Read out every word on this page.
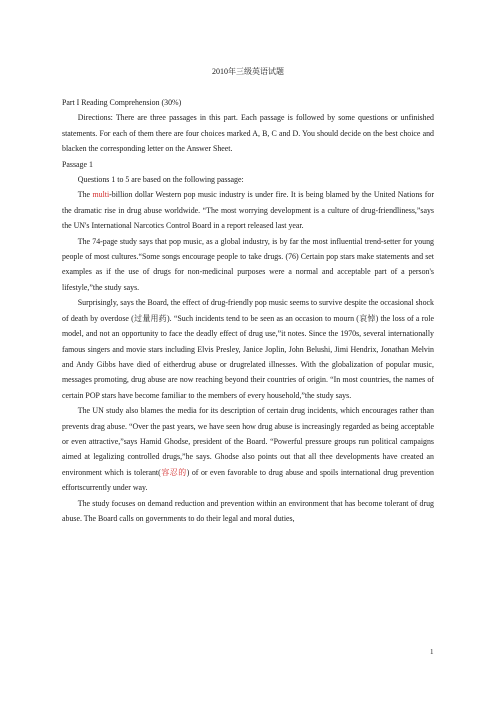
2010年三级英语试题

Part I Reading Comprehension (30%)

Directions: There are three passages in this part. Each passage is followed by some questions or unfinished statements. For each of them there are four choices marked A, B, C and D. You should decide on the best choice and blacken the corresponding letter on the Answer Sheet.

Passage 1

Questions 1 to 5 are based on the following passage:

The multi-billion dollar Western pop music industry is under fire. It is being blamed by the United Nations for the dramatic rise in drug abuse worldwide. “The most worrying development is a culture of drug-friendliness,”says the UN's International Narcotics Control Board in a report released last year.

The 74-page study says that pop music, as a global industry, is by far the most influential trend-setter for young people of most cultures.“Some songs encourage people to take drugs. (76) Certain pop stars make statements and set examples as if the use of drugs for non-medicinal purposes were a normal and acceptable part of a person's lifestyle,”the study says.

Surprisingly, says the Board, the effect of drug-friendly pop music seems to survive despite the occasional shock of death by overdose (过量用药). “Such incidents tend to be seen as an occasion to mourn (哀悼) the loss of a role model, and not an opportunity to face the deadly effect of drug use,”it notes. Since the 1970s, several internationally famous singers and movie stars including Elvis Presley, Janice Joplin, John Belushi, Jimi Hendrix, Jonathan Melvin and Andy Gibbs have died of eitherdrug abuse or drugrelated illnesses. With the globalization of popular music, messages promoting, drug abuse are now reaching beyond their countries of origin. “In most countries, the names of certain POP stars have become familiar to the members of every household,”the study says.

The UN study also blames the media for its description of certain drug incidents, which encourages rather than prevents drag abuse. “Over the past years, we have seen how drug abuse is increasingly regarded as being acceptable or even attractive,”says Hamid Ghodse, president of the Board. “Powerful pressure groups run political campaigns aimed at legalizing controlled drugs,”he says. Ghodse also points out that all thee developments have created an environment which is tolerant(容忍的) of or even favorable to drug abuse and spoils international drug prevention effortscurrently under way.

The study focuses on demand reduction and prevention within an environment that has become tolerant of drug abuse. The Board calls on governments to do their legal and moral duties,

1
